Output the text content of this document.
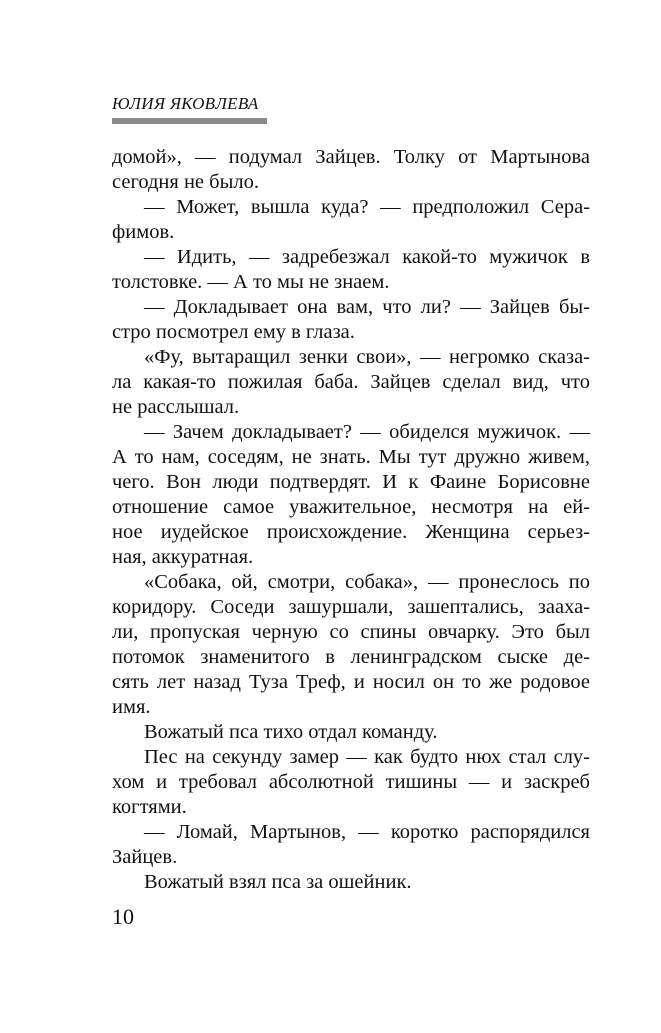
ЮЛИЯ ЯКОВЛЕВА
домой», — подумал Зайцев. Толку от Мартынова
сегодня не было.
— Может, вышла куда? — предположил Сера-
фимов.
— Идить, — задребезжал какой-то мужичок в
толстовке. — А то мы не знаем.
— Докладывает она вам, что ли? — Зайцев бы-
стро посмотрел ему в глаза.
«Фу, вытаращил зенки свои», — негромко сказа-
ла какая-то пожилая баба. Зайцев сделал вид, что
не расслышал.
— Зачем докладывает? — обиделся мужичок. —
А то нам, соседям, не знать. Мы тут дружно живем,
чего. Вон люди подтвердят. И к Фаине Борисовне
отношение самое уважительное, несмотря на ей-
ное иудейское происхождение. Женщина серьез-
ная, аккуратная.
«Собака, ой, смотри, собака», — пронеслось по
коридору. Соседи зашуршали, зашептались, зааха-
ли, пропуская черную со спины овчарку. Это был
потомок знаменитого в ленинградском сыске де-
сять лет назад Туза Треф, и носил он то же родовое
имя.
Вожатый пса тихо отдал команду.
Пес на секунду замер — как будто нюх стал слу-
хом и требовал абсолютной тишины — и заскреб
когтями.
— Ломай, Мартынов, — коротко распорядился
Зайцев.
Вожатый взял пса за ошейник.
10
